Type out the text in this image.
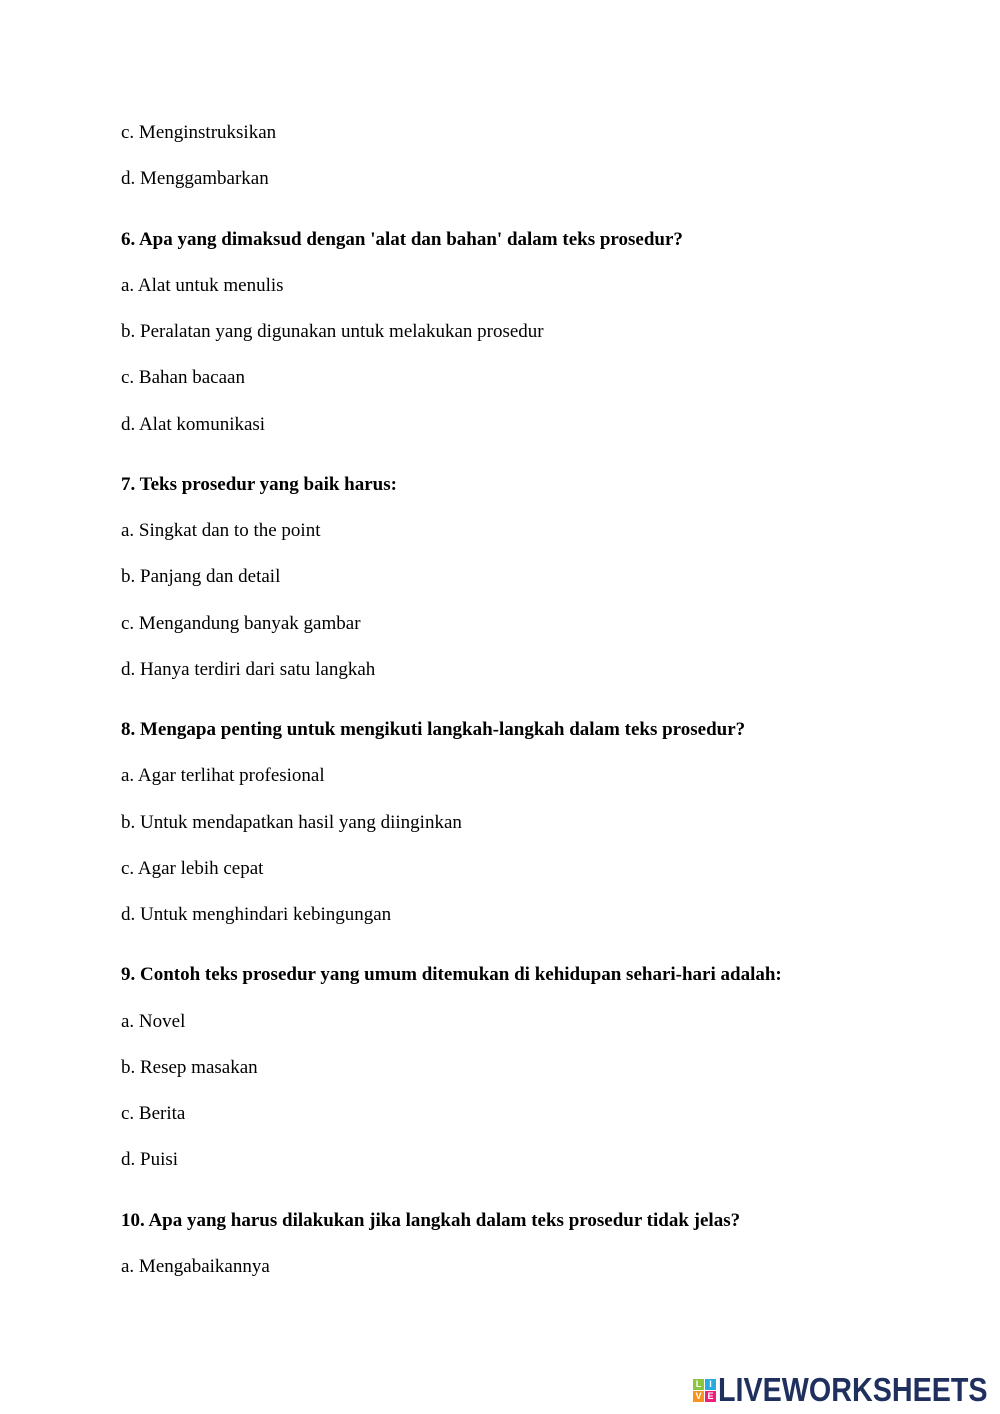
c. Menginstruksikan
d. Menggambarkan
6. Apa yang dimaksud dengan 'alat dan bahan' dalam teks prosedur?
a. Alat untuk menulis
b. Peralatan yang digunakan untuk melakukan prosedur
c. Bahan bacaan
d. Alat komunikasi
7. Teks prosedur yang baik harus:
a. Singkat dan to the point
b. Panjang dan detail
c. Mengandung banyak gambar
d. Hanya terdiri dari satu langkah
8. Mengapa penting untuk mengikuti langkah-langkah dalam teks prosedur?
a. Agar terlihat profesional
b. Untuk mendapatkan hasil yang diinginkan
c. Agar lebih cepat
d. Untuk menghindari kebingungan
9. Contoh teks prosedur yang umum ditemukan di kehidupan sehari-hari adalah:
a. Novel
b. Resep masakan
c. Berita
d. Puisi
10. Apa yang harus dilakukan jika langkah dalam teks prosedur tidak jelas?
a. Mengabaikannya
L I
V E LIVEWORKSHEETS
